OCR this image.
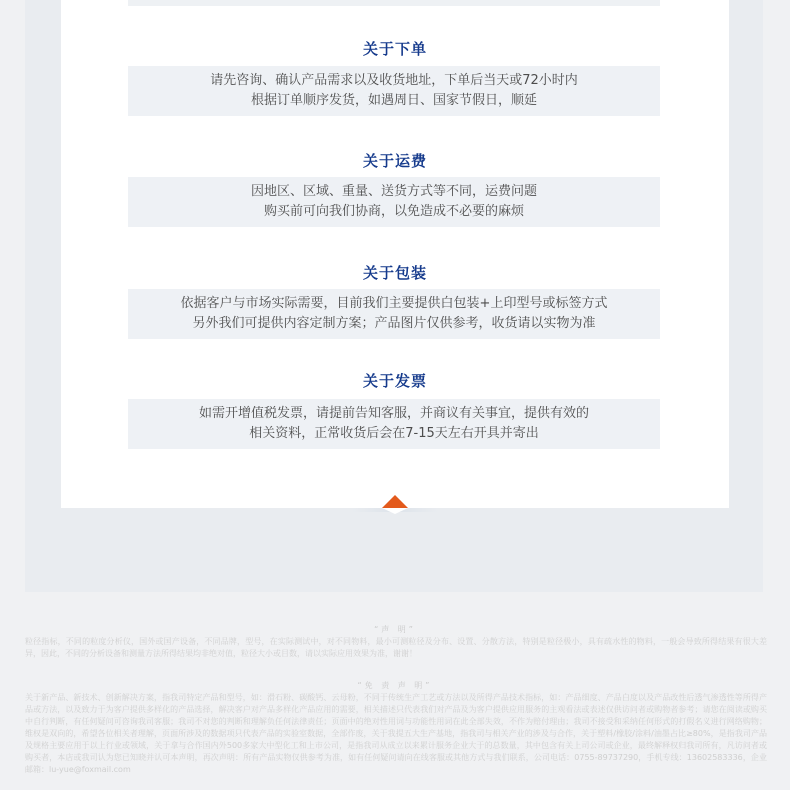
关于下单
请先咨询、确认产品需求以及收货地址，下单后当天或72小时内
根据订单顺序发货，如遇周日、国家节假日，顺延
关于运费
因地区、区域、重量、送货方式等不同，运费问题
购买前可向我们协商，以免造成不必要的麻烦
关于包装
依据客户与市场实际需要，目前我们主要提供白包装+上印型号或标签方式
另外我们可提供内容定制方案；产品图片仅供参考，收货请以实物为准
关于发票
如需开增值税发票，请提前告知客服，并商议有关事宜，提供有效的
相关资料，正常收货后会在7-15天左右开具并寄出
“声 明”
粒径指标，不同的粒度分析仪，国外或国产设备，不同品牌，型号，在实际测试中，对不同物料，最小可测粒径及分布、设置、分散方法，特别是粒径极小，具有疏水性的物料，一般会导致所得结果有很大差异，因此，不同的分析设备和测量方法所得结果均非绝对值，粒径大小或目数，请以实际应用效果为准，谢谢！
“免 责 声 明”
关于新产品、新技术、创新解决方案，指我司特定产品和型号，如：滑石粉、碳酸钙、云母粉，不同于传统生产工艺或方法以及所得产品技术指标，如：产品细度、产品白度以及产品改性后透气渗透性等所得产品或方法，以及致力于为客户提供多样化的产品选择，解决客户对产品多样化产品应用的需要，相关描述只代表我们对产品及为客户提供应用服务的主观看法或表述仅供访问者或购物者参考；请您在阅读或购买中自行判断，有任何疑问可咨询我司客服；我司不对您的判断和理解负任何法律责任；页面中的绝对性用词与功能性用词在此全部失效，不作为赔付理由；我司不接受和采纳任何形式的打假名义进行网络购物；维权是双向的，希望各位相关者理解，页面所涉及的数据项只代表产品的实验室数据，全部作废，关于我提五大生产基地，指我司与相关产业的涉及与合作，关于塑料/橡胶/涂料/油墨占比≥80%，是指我司产品及规格主要应用于以上行业或领域，关于拿与合作国内外500多家大中型化工和上市公司，是指我司从成立以来累计服务企业大于的总数量，其中包含有关上司公司或企业，最终解释权归我司所有，凡访问者或购买者，本店或我司认为您已知晓并认可本声明，再次声明：所有产品实物仅供参考为准，如有任何疑问请向在线客服或其他方式与我们联系，公司电话：0755-89737290，手机专线：13602583336，企业邮箱：lu-yue@foxmail.com
